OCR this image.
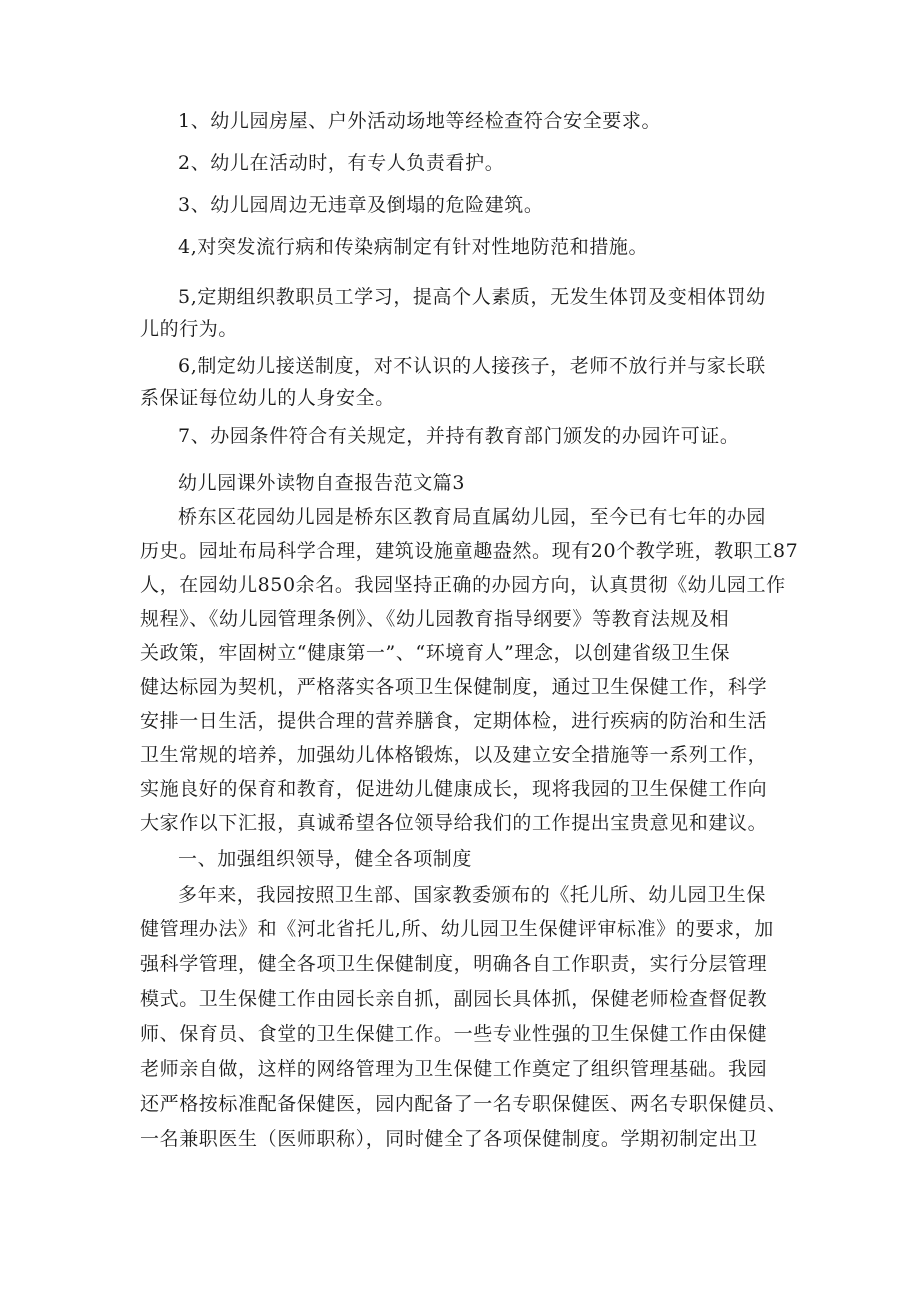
1、幼儿园房屋、户外活动场地等经检查符合安全要求。
2、幼儿在活动时，有专人负责看护。
3、幼儿园周边无违章及倒塌的危险建筑。
4,对突发流行病和传染病制定有针对性地防范和措施。
5,定期组织教职员工学习，提高个人素质，无发生体罚及变相体罚幼
儿的行为。
6,制定幼儿接送制度，对不认识的人接孩子，老师不放行并与家长联
系保证每位幼儿的人身安全。
7、办园条件符合有关规定，并持有教育部门颁发的办园许可证。
幼儿园课外读物自查报告范文篇3
桥东区花园幼儿园是桥东区教育局直属幼儿园，至今已有七年的办园
历史。园址布局科学合理，建筑设施童趣盎然。现有20个教学班，教职工87
人，在园幼儿850余名。我园坚持正确的办园方向，认真贯彻《幼儿园工作
规程》、《幼儿园管理条例》、《幼儿园教育指导纲要》等教育法规及相
关政策，牢固树立“健康第一”、“环境育人”理念，以创建省级卫生保
健达标园为契机，严格落实各项卫生保健制度，通过卫生保健工作，科学
安排一日生活，提供合理的营养膳食，定期体检，进行疾病的防治和生活
卫生常规的培养，加强幼儿体格锻炼，以及建立安全措施等一系列工作，
实施良好的保育和教育，促进幼儿健康成长，现将我园的卫生保健工作向
大家作以下汇报，真诚希望各位领导给我们的工作提出宝贵意见和建议。
一、加强组织领导，健全各项制度
多年来，我园按照卫生部、国家教委颁布的《托儿所、幼儿园卫生保
健管理办法》和《河北省托儿,所、幼儿园卫生保健评审标准》的要求，加
强科学管理，健全各项卫生保健制度，明确各自工作职责，实行分层管理
模式。卫生保健工作由园长亲自抓，副园长具体抓，保健老师检查督促教
师、保育员、食堂的卫生保健工作。一些专业性强的卫生保健工作由保健
老师亲自做，这样的网络管理为卫生保健工作奠定了组织管理基础。我园
还严格按标准配备保健医，园内配备了一名专职保健医、两名专职保健员、
一名兼职医生（医师职称），同时健全了各项保健制度。学期初制定出卫
